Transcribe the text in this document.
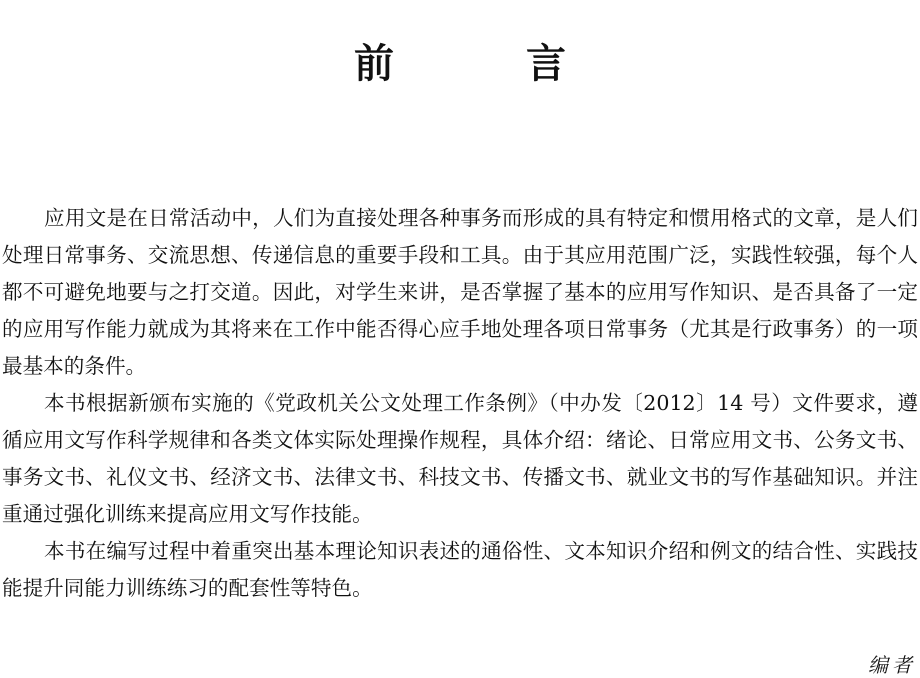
前　言

应用文是在日常活动中，人们为直接处理各种事务而形成的具有特定和惯用格式的文章，是人们处理日常事务、交流思想、传递信息的重要手段和工具。由于其应用范围广泛，实践性较强，每个人都不可避免地要与之打交道。因此，对学生来讲，是否掌握了基本的应用写作知识、是否具备了一定的应用写作能力就成为其将来在工作中能否得心应手地处理各项日常事务（尤其是行政事务）的一项最基本的条件。

本书根据新颁布实施的《党政机关公文处理工作条例》（中办发〔2012〕14 号）文件要求，遵循应用文写作科学规律和各类文体实际处理操作规程，具体介绍：绪论、日常应用文书、公务文书、事务文书、礼仪文书、经济文书、法律文书、科技文书、传播文书、就业文书的写作基础知识。并注重通过强化训练来提高应用文写作技能。

本书在编写过程中着重突出基本理论知识表述的通俗性、文本知识介绍和例文的结合性、实践技能提升同能力训练练习的配套性等特色。

编者
